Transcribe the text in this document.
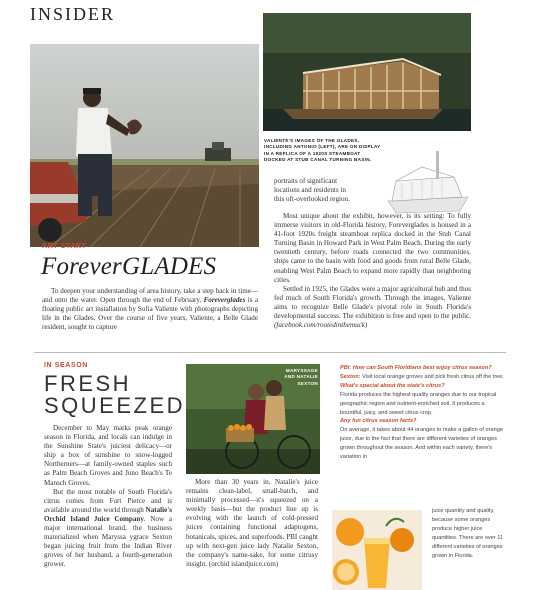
INSIDER
VALIENTE'S IMAGES OF THE GLADES, INCLUDING ANTONIO (LEFT), ARE ON DISPLAY IN A REPLICA OF A 1920S STEAMBOAT DOCKED AT STUB CANAL TURNING BASIN.
portraits of significant locations and residents in this oft-overlooked region.

Most unique about the exhibit, however, is its setting: To fully immerse visitors in old-Florida history, Foreverglades is housed in a 41-foot 1920s freight steamboat replica docked in the Stub Canal Turning Basin in Howard Park in West Palm Beach. During the early twentieth century, before roads connected the two communities, ships came to the basin with food and goods from rural Belle Glade, enabling West Palm Beach to expand more rapidly than neighboring cities.

Settled in 1925, the Glades were a major agricultural hub and thus fed much of South Florida's growth. Through the images, Valiente aims to recognize Belle Glade's pivotal role in South Florida's developmental success. The exhibition is free and open to the public. (facebook.com/rootedinthemuck)

ART START
ForeverGLADES

To deepen your understanding of area history, take a step back in time—and onto the water. Open through the end of February, Foreverglades is a floating public art installation by Sofia Valiente with photographs depicting life in the Glades. Over the course of five years, Valiente, a Belle Glade resident, sought to capture

IN SEASON
FRESH
SQUEEZED

December to May marks peak orange season in Florida, and locals can indulge in the Sunshine State's juiciest delicacy—or ship a box of sunshine to snow-logged Northerners—at family-owned staples such as Palm Beach Groves and Juno Beach's Te Mansch Groves.

But the most notable of South Florida's citrus comes from Fort Pierce and is available around the world through Natalie's Orchid Island Juice Company. Now a major international brand, the business materialized when Maryssa ygrace Sexton began juicing fruit from the Indian River groves of her husband, a fourth-generation grower.

MARYSSAGE AND NATALIE SEXTON

More than 30 years in, Natalie's juice remains clean-label, small-batch, and minimally processed—it's squeezed on a weekly basis—but the product line up is evolving with the launch of cold-pressed juices containing functional adaptogens, botanicals, spices, and superfoods. PBI caught up with next-gen juice lady Natalie Sexton, the company's name-sake, for some citrusy insight. (orchid islandjuice.com)

PBI: How can South Floridians best enjoy citrus season?
Sexton: Visit local orange groves and pick fresh citrus off the tree.
What's special about the state's citrus?
Florida produces the highest quality oranges due to our tropical geographic region and nutrient-enriched soil. It produces a bountiful, juicy, and sweet citrus crop.
Any fun citrus season facts?
On average, it takes about 44 oranges to make a gallon of orange juice, due to the fact that there are different varieties of oranges grown throughout the season. And within each variety, there's variation in
juice quantity and quality, because some oranges produce higher juice quantities. There are over 11 different varieties of oranges grown in Florida.
